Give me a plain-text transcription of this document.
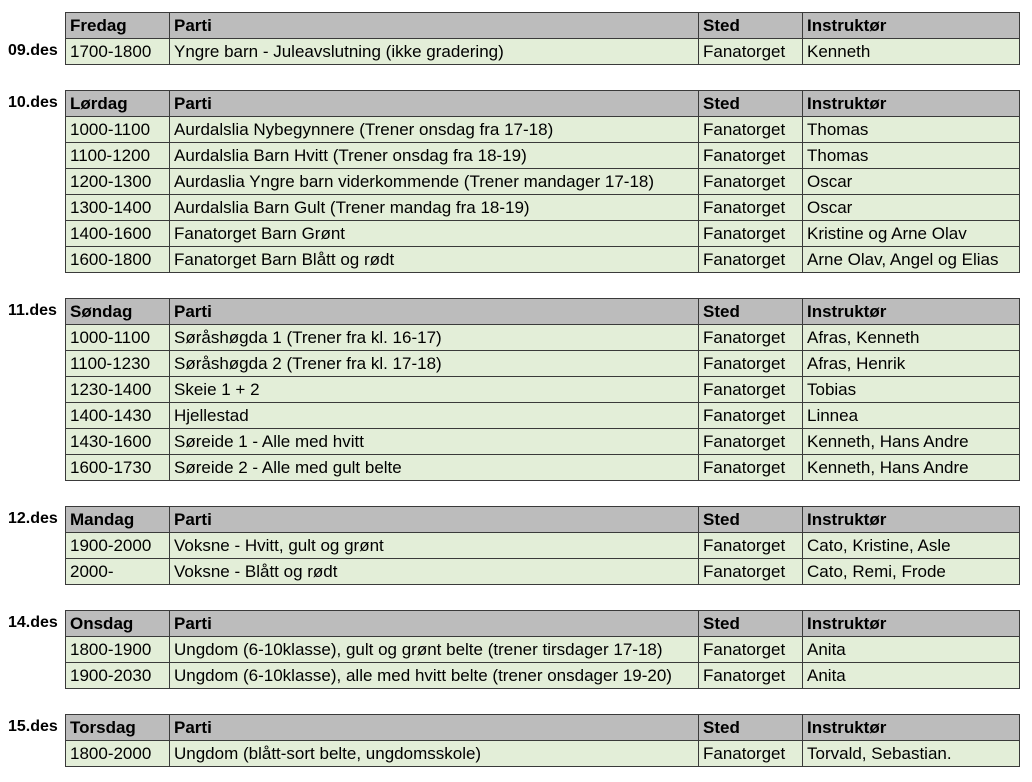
09.des
Fredag	Parti	Sted	Instruktør
1700-1800	Yngre barn - Juleavslutning (ikke gradering)	Fanatorget	Kenneth
10.des Lørdag	Parti	Sted	Instruktør
1000-1100	Aurdalslia Nybegynnere (Trener onsdag fra 17-18)	Fanatorget	Thomas
1100-1200	Aurdalslia Barn Hvitt (Trener onsdag fra 18-19)	Fanatorget	Thomas
1200-1300	Aurdaslia Yngre barn viderkommende (Trener mandager 17-18)	Fanatorget	Oscar
1300-1400	Aurdalslia Barn Gult (Trener mandag fra 18-19)	Fanatorget	Oscar
1400-1600	Fanatorget Barn Grønt	Fanatorget	Kristine og Arne Olav
1600-1800	Fanatorget Barn Blått og rødt	Fanatorget	Arne Olav, Angel og Elias
11.des Søndag	Parti	Sted	Instruktør
1000-1100	Søråshøgda 1 (Trener fra kl. 16-17)	Fanatorget	Afras, Kenneth
1100-1230	Søråshøgda 2 (Trener fra kl. 17-18)	Fanatorget	Afras, Henrik
1230-1400	Skeie 1 + 2	Fanatorget	Tobias
1400-1430	Hjellestad	Fanatorget	Linnea
1430-1600	Søreide 1 - Alle med hvitt	Fanatorget	Kenneth, Hans Andre
1600-1730	Søreide 2 - Alle med gult belte	Fanatorget	Kenneth, Hans Andre
12.des Mandag	Parti	Sted	Instruktør
1900-2000	Voksne - Hvitt, gult og grønt	Fanatorget	Cato, Kristine, Asle
2000-	Voksne - Blått og rødt	Fanatorget	Cato, Remi, Frode
14.des Onsdag	Parti	Sted	Instruktør
1800-1900	Ungdom (6-10klasse), gult og grønt belte (trener tirsdager 17-18)	Fanatorget	Anita
1900-2030	Ungdom (6-10klasse), alle med hvitt belte (trener onsdager 19-20)	Fanatorget	Anita
15.des Torsdag	Parti	Sted	Instruktør
1800-2000	Ungdom (blått-sort belte, ungdomsskole)	Fanatorget	Torvald, Sebastian.
